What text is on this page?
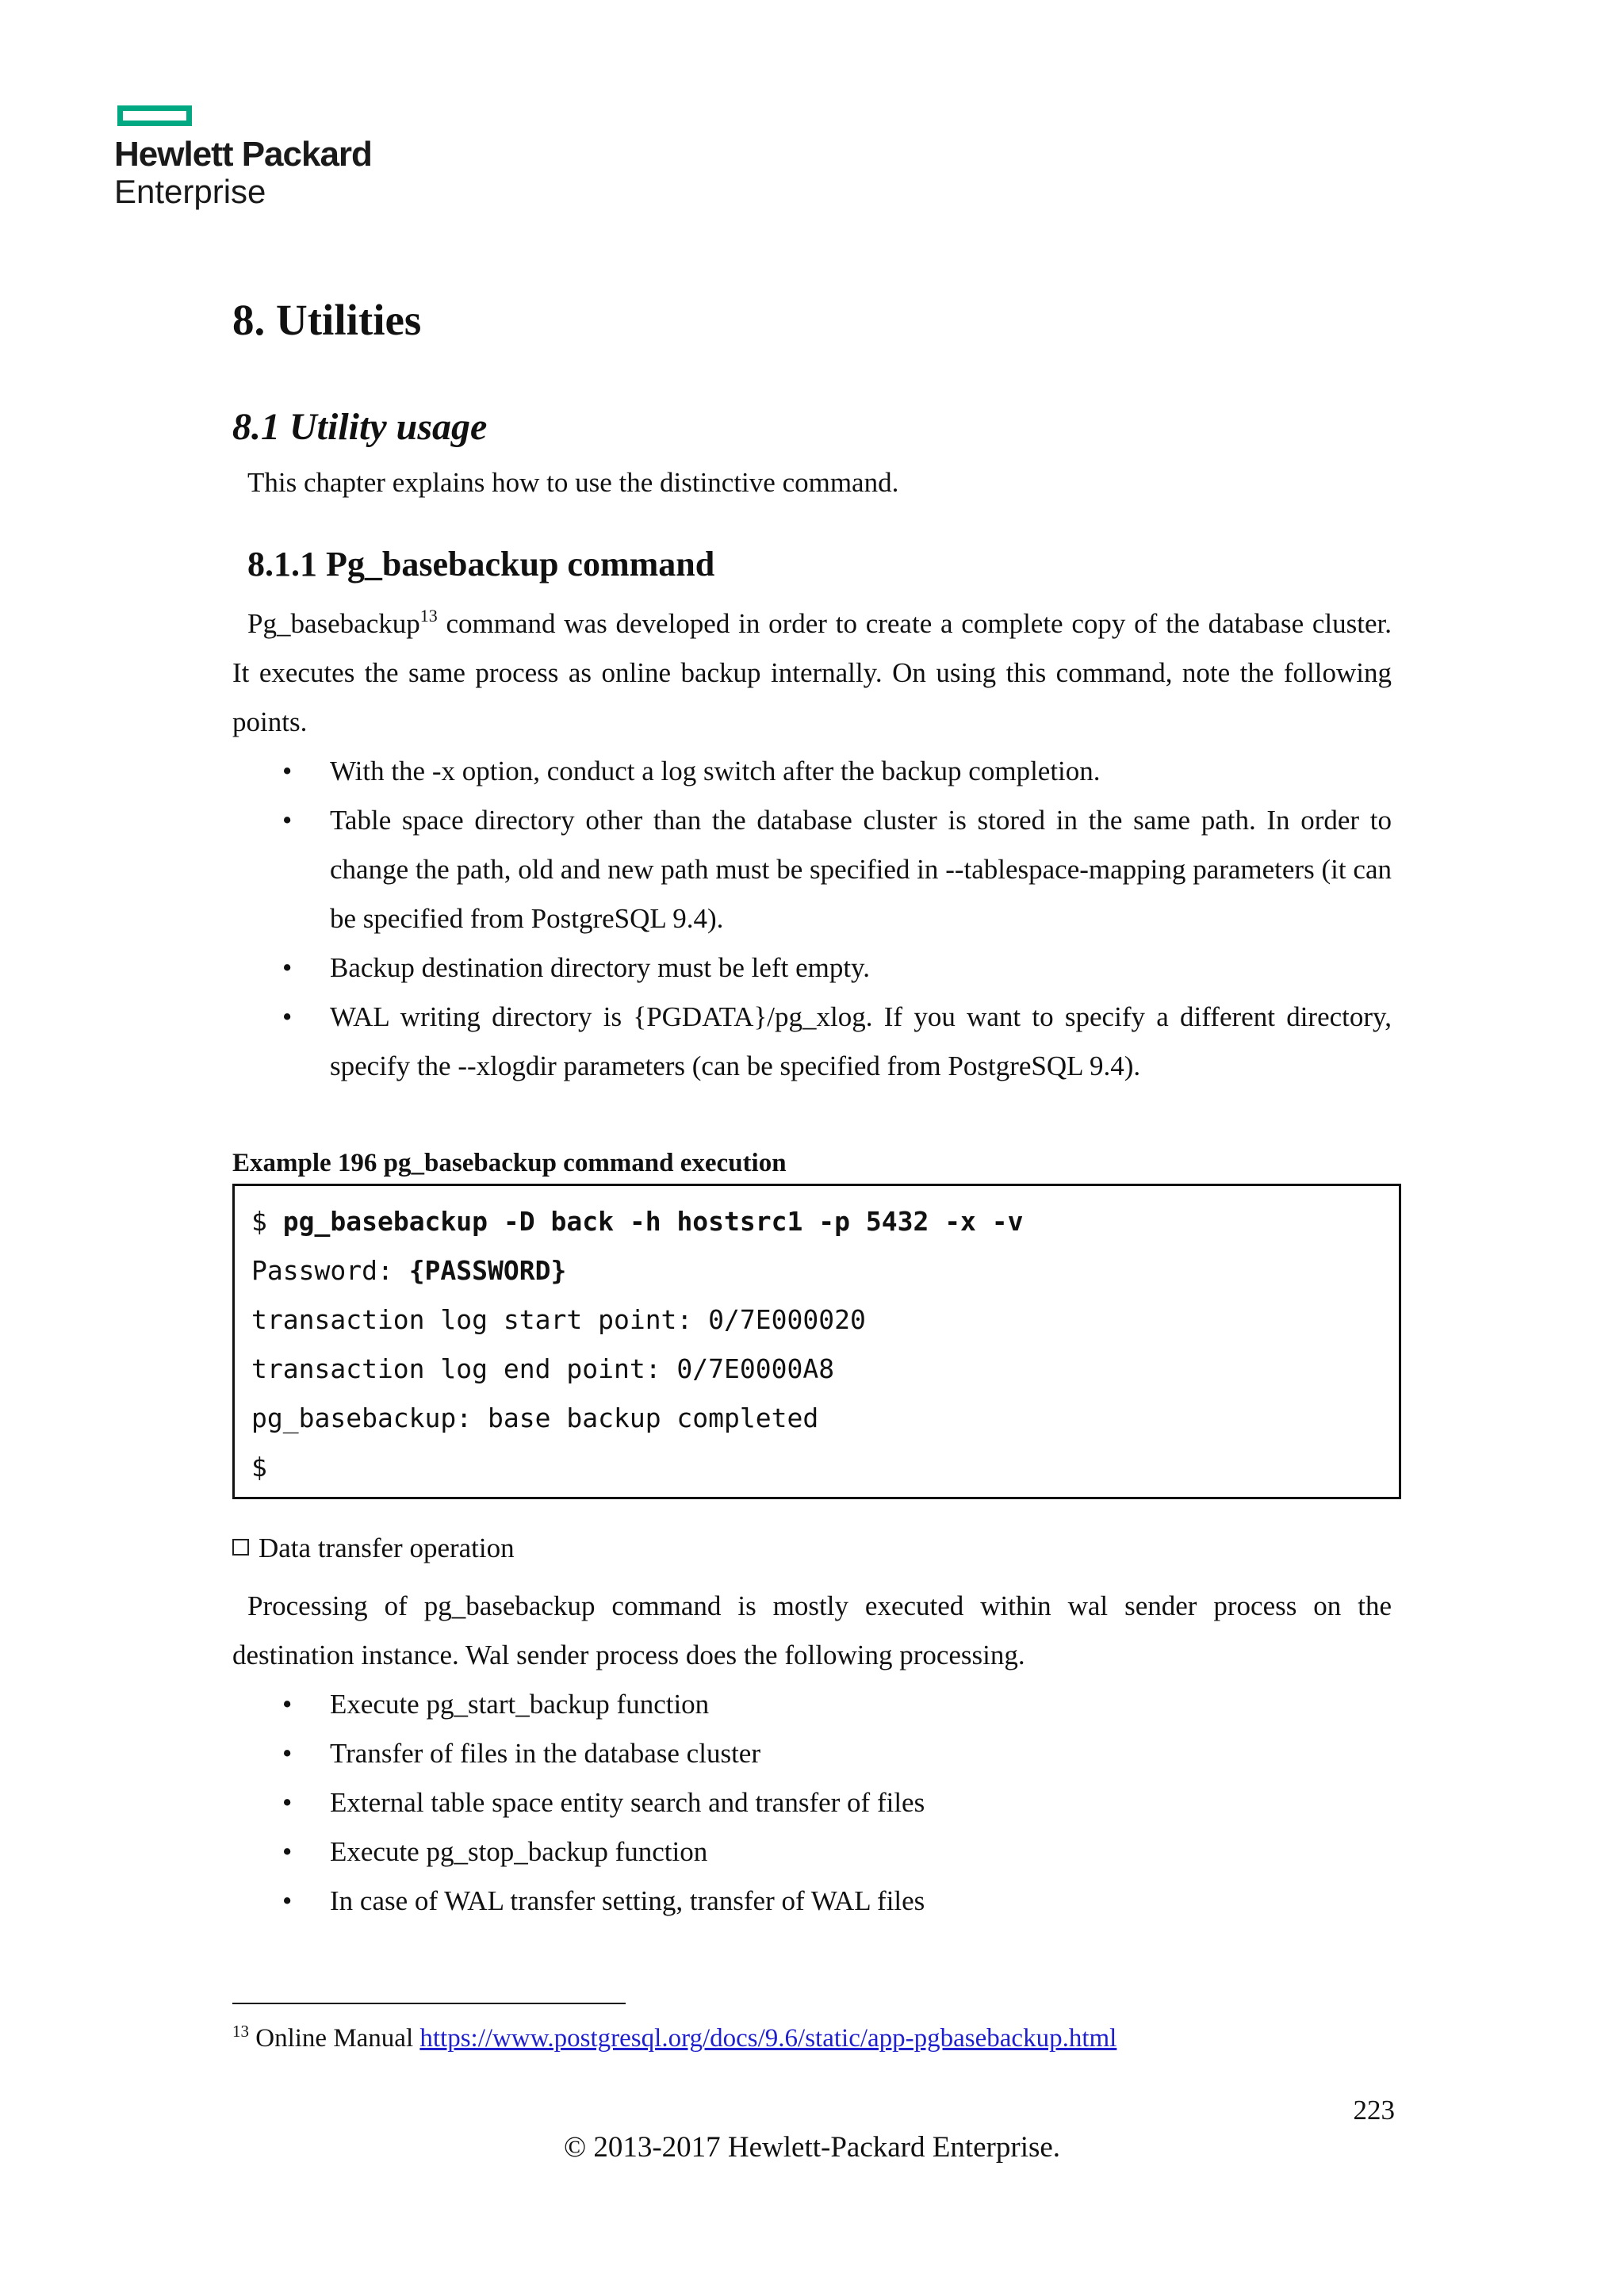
Hewlett Packard
Enterprise
8. Utilities
8.1 Utility usage
This chapter explains how to use the distinctive command.
8.1.1 Pg_basebackup command
Pg_basebackup$^{13}$ command was developed in order to create a complete copy of the database cluster. It executes the same process as online backup internally. On using this command, note the following points.
• With the -x option, conduct a log switch after the backup completion.
• Table space directory other than the database cluster is stored in the same path. In order to change the path, old and new path must be specified in --tablespace-mapping parameters (it can be specified from PostgreSQL 9.4).
• Backup destination directory must be left empty.
• WAL writing directory is {PGDATA}/pg_xlog. If you want to specify a different directory, specify the --xlogdir parameters (can be specified from PostgreSQL 9.4).
Example 196 pg_basebackup command execution
$ pg_basebackup -D back -h hostsrc1 -p 5432 -x -v
Password: {PASSWORD}
transaction log start point: 0/7E000020
transaction log end point: 0/7E0000A8
pg_basebackup: base backup completed
$
Data transfer operation
Processing of pg_basebackup command is mostly executed within wal sender process on the destination instance. Wal sender process does the following processing.
• Execute pg_start_backup function
• Transfer of files in the database cluster
• External table space entity search and transfer of files
• Execute pg_stop_backup function
• In case of WAL transfer setting, transfer of WAL files
$^{13}$ Online Manual https://www.postgresql.org/docs/9.6/static/app-pgbasebackup.html
223
© 2013-2017 Hewlett-Packard Enterprise.
